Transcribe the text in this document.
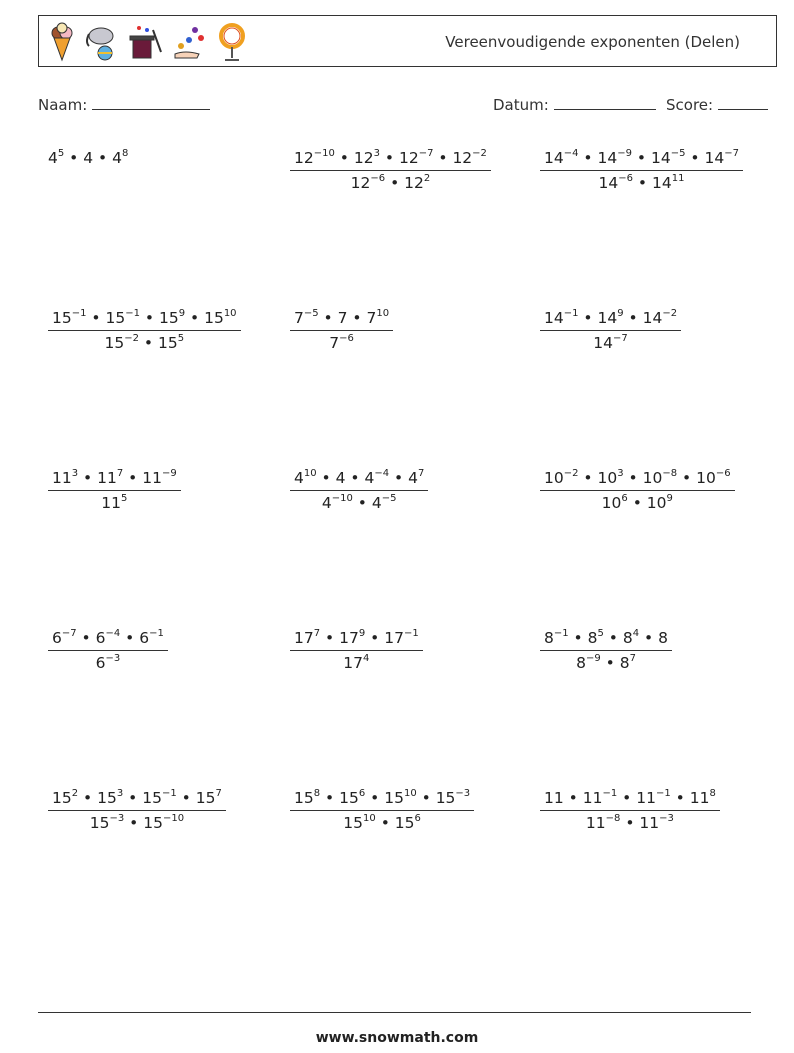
Vereenvoudigende exponenten (Delen)
Naam:	Datum:	Score:
$4^5$ • 4 • $4^8$	$\frac{12^{-10} • 12^3 • 12^{-7} • 12^{-2}}{12^{-6} • 12^2}$	$\frac{14^{-4} • 14^{-9} • 14^{-5} • 14^{-7}}{14^{-6} • 14^{11}}$
$\frac{15^{-1} • 15^{-1} • 15^9 • 15^{10}}{15^{-2} • 15^5}$	$\frac{7^{-5} • 7 • 7^{10}}{7^{-6}}$	$\frac{14^{-1} • 14^9 • 14^{-2}}{14^{-7}}$
$\frac{11^3 • 11^7 • 11^{-9}}{11^5}$	$\frac{4^{10} • 4 • 4^{-4} • 4^7}{4^{-10} • 4^{-5}}$	$\frac{10^{-2} • 10^3 • 10^{-8} • 10^{-6}}{10^6 • 10^9}$
$\frac{6^{-7} • 6^{-4} • 6^{-1}}{6^{-3}}$	$\frac{17^7 • 17^9 • 17^{-1}}{17^4}$	$\frac{8^{-1} • 8^5 • 8^4 • 8}{8^{-9} • 8^7}$
$\frac{15^2 • 15^3 • 15^{-1} • 15^7}{15^{-3} • 15^{-10}}$	$\frac{15^8 • 15^6 • 15^{10} • 15^{-3}}{15^{10} • 15^6}$	$\frac{11 • 11^{-1} • 11^{-1} • 11^8}{11^{-8} • 11^{-3}}$
www.snowmath.com
